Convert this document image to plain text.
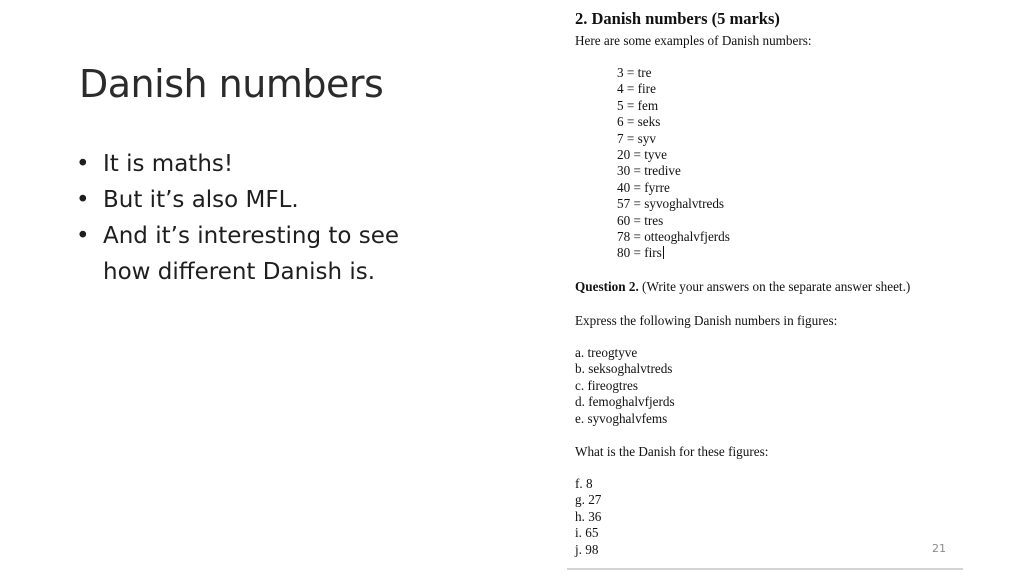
Danish numbers
• It is maths!
• But it’s also MFL.
• And it’s interesting to see how different Danish is.
2. Danish numbers (5 marks)

Here are some examples of Danish numbers:

3 = tre
4 = fire
5 = fem
6 = seks
7 = syv
20 = tyve
30 = tredive
40 = fyrre
57 = syvoghalvtreds
60 = tres
78 = otteoghalvfjerds
80 = firs

Question 2. (Write your answers on the separate answer sheet.)

Express the following Danish numbers in figures:

a. treogtyve
b. seksoghalvtreds
c. fireogtres
d. femoghalvfjerds
e. syvoghalvfems

What is the Danish for these figures:

f. 8
g. 27
h. 36
i. 65
j. 98	21
